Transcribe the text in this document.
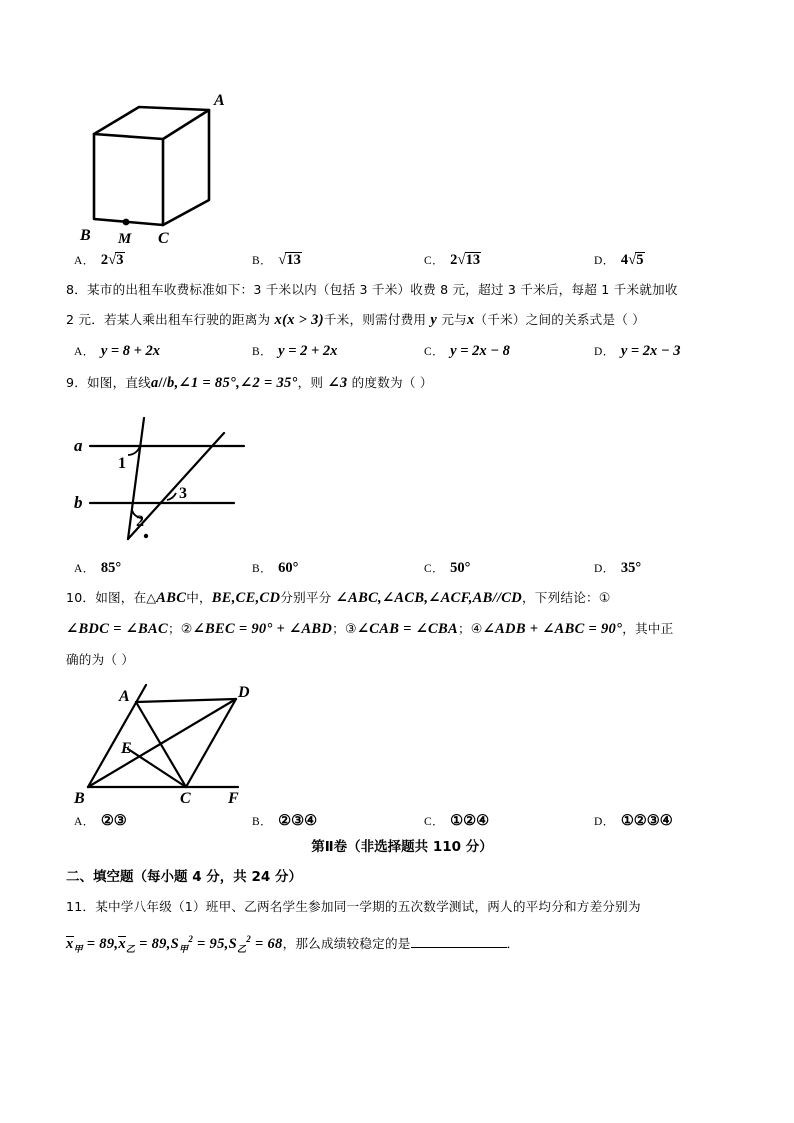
A
B M C
A． 2√3	B． √13	C． 2√13	D． 4√5
8．某市的出租车收费标准如下：3 千米以内（包括 3 千米）收费 8 元，超过 3 千米后，每超 1 千米就加收
2 元．若某人乘出租车行驶的距离为 x(x > 3)千米，则需付费用 y 元与x（千米）之间的关系式是（ ）
A． y = 8 + 2x	B． y = 2 + 2x	C． y = 2x − 8	D． y = 2x − 3
9．如图，直线a//b,∠1 = 85°,∠2 = 35°，则 ∠3 的度数为（ ）
a
b
1
2
3
A． 85°	B． 60°	C． 50°	D． 35°
10．如图，在△ABC中，BE,CE,CD分别平分 ∠ABC,∠ACB,∠ACF,AB//CD，下列结论：①
∠BDC = ∠BAC；②∠BEC = 90° + ∠ABD；③∠CAB = ∠CBA；④∠ADB + ∠ABC = 90°，其中正
确的为（ ）
A	D
E
B	C F
A． ②③	B． ②③④	C． ①②④	D． ①②③④
第Ⅱ卷（非选择题共 110 分）
二、填空题（每小题 4 分，共 24 分）
11．某中学八年级（1）班甲、乙两名学生参加同一学期的五次数学测试，两人的平均分和方差分别为
$x_甲 = 89,x_乙 = 89,S_甲^2 = 95,S_乙^2 = 68$，那么成绩较稳定的是	．
